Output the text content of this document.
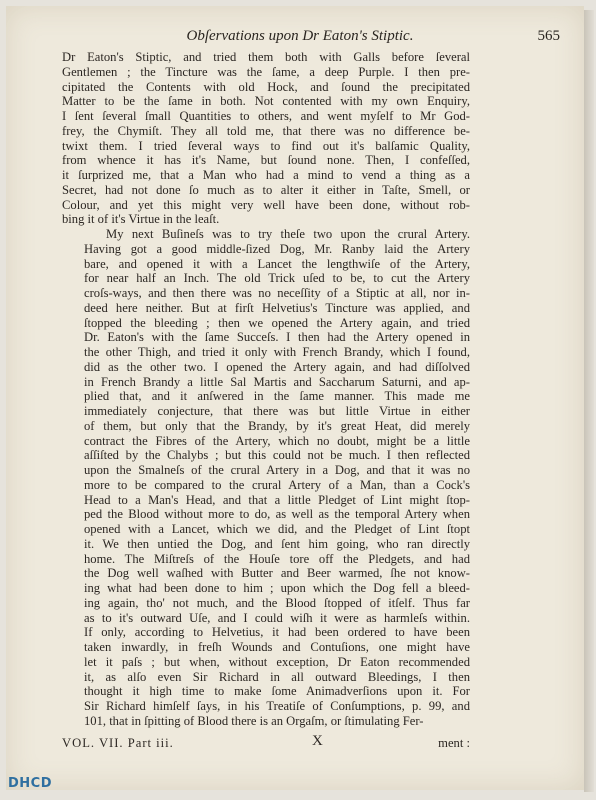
Obſervations upon Dr Eaton's Stiptic.	565

Dr Eaton's Stiptic, and tried them both with Galls before ſeveral
Gentlemen ; the Tincture was the ſame, a deep Purple. I then pre-
cipitated the Contents with old Hock, and ſound the precipitated
Matter to be the ſame in both. Not contented with my own Enquiry,
I ſent ſeveral ſmall Quantities to others, and went myſelf to Mr God-
frey, the Chymiſt. They all told me, that there was no difference be-
twixt them. I tried ſeveral ways to find out it's balſamic Quality,
from whence it has it's Name, but ſound none. Then, I confeſſed,
it ſurprized me, that a Man who had a mind to vend a thing as a
Secret, had not done ſo much as to alter it either in Taſte, Smell, or
Colour, and yet this might very well have been done, without rob-
bing it of it's Virtue in the leaſt.

My next Buſineſs was to try theſe two upon the crural Artery.
Having got a good middle-ſized Dog, Mr. Ranby laid the Artery
bare, and opened it with a Lancet the lengthwiſe of the Artery,
for near half an Inch. The old Trick uſed to be, to cut the Artery
croſs-ways, and then there was no neceſſity of a Stiptic at all, nor in-
deed here neither. But at firſt Helvetius's Tincture was applied, and
ſtopped the bleeding ; then we opened the Artery again, and tried
Dr. Eaton's with the ſame Succeſs. I then had the Artery opened in
the other Thigh, and tried it only with French Brandy, which I found,
did as the other two. I opened the Artery again, and had diſſolved
in French Brandy a little Sal Martis and Saccharum Saturni, and ap-
plied that, and it anſwered in the ſame manner. This made me
immediately conjecture, that there was but little Virtue in either
of them, but only that the Brandy, by it's great Heat, did merely
contract the Fibres of the Artery, which no doubt, might be a little
aſſiſted by the Chalybs ; but this could not be much. I then reflected
upon the Smalneſs of the crural Artery in a Dog, and that it was no
more to be compared to the crural Artery of a Man, than a Cock's
Head to a Man's Head, and that a little Pledget of Lint might ſtop-
ped the Blood without more to do, as well as the temporal Artery when
opened with a Lancet, which we did, and the Pledget of Lint ſtopt
it. We then untied the Dog, and ſent him going, who ran directly
home. The Miſtreſs of the Houſe tore off the Pledgets, and had
the Dog well waſhed with Butter and Beer warmed, ſhe not know-
ing what had been done to him ; upon which the Dog fell a bleed-
ing again, tho' not much, and the Blood ſtopped of itſelf. Thus far
as to it's outward Uſe, and I could wiſh it were as harmleſs within.
If only, according to Helvetius, it had been ordered to have been
taken inwardly, in freſh Wounds and Contuſions, one might have
let it paſs ; but when, without exception, Dr Eaton recommended
it, as alſo even Sir Richard in all outward Bleedings, I then
thought it high time to make ſome Animadverſions upon it. For
Sir Richard himſelf ſays, in his Treatiſe of Conſumptions, p. 99, and
101, that in ſpitting of Blood there is an Orgaſm, or ſtimulating Fer-

VOL. VII. Part iii.	X	ment :
DHCD
